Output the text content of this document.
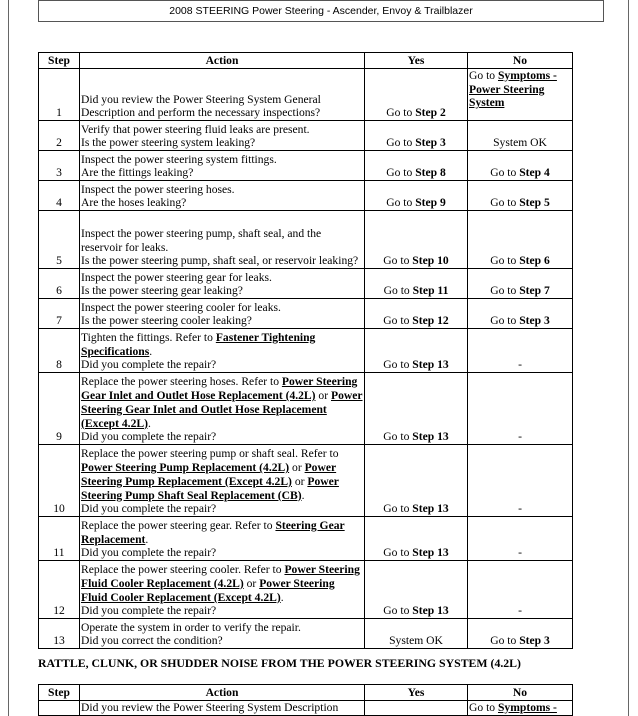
2008 STEERING Power Steering - Ascender, Envoy & Trailblazer
Step	Action	Yes	No
1	Did you review the Power Steering System General Description and perform the necessary inspections?	Go to Step 2	Go to Symptoms - Power Steering System
2	Verify that power steering fluid leaks are present.
Is the power steering system leaking?	Go to Step 3	System OK
3	Inspect the power steering system fittings.
Are the fittings leaking?	Go to Step 8	Go to Step 4
4	Inspect the power steering hoses.
Are the hoses leaking?	Go to Step 9	Go to Step 5
5	Inspect the power steering pump, shaft seal, and the reservoir for leaks.
Is the power steering pump, shaft seal, or reservoir leaking?	Go to Step 10	Go to Step 6
6	Inspect the power steering gear for leaks.
Is the power steering gear leaking?	Go to Step 11	Go to Step 7
7	Inspect the power steering cooler for leaks.
Is the power steering cooler leaking?	Go to Step 12	Go to Step 3
8	Tighten the fittings. Refer to Fastener Tightening Specifications.
Did you complete the repair?	Go to Step 13	-
9	Replace the power steering hoses. Refer to Power Steering Gear Inlet and Outlet Hose Replacement (4.2L) or Power Steering Gear Inlet and Outlet Hose Replacement (Except 4.2L).
Did you complete the repair?	Go to Step 13	-
10	Replace the power steering pump or shaft seal. Refer to Power Steering Pump Replacement (4.2L) or Power Steering Pump Replacement (Except 4.2L) or Power Steering Pump Shaft Seal Replacement (CB).
Did you complete the repair?	Go to Step 13	-
11	Replace the power steering gear. Refer to Steering Gear Replacement.
Did you complete the repair?	Go to Step 13	-
12	Replace the power steering cooler. Refer to Power Steering Fluid Cooler Replacement (4.2L) or Power Steering Fluid Cooler Replacement (Except 4.2L).
Did you complete the repair?	Go to Step 13	-
13	Operate the system in order to verify the repair.
Did you correct the condition?	System OK	Go to Step 3
RATTLE, CLUNK, OR SHUDDER NOISE FROM THE POWER STEERING SYSTEM (4.2L)
Step	Action	Yes	No
	Did you review the Power Steering System Description		Go to Symptoms -
